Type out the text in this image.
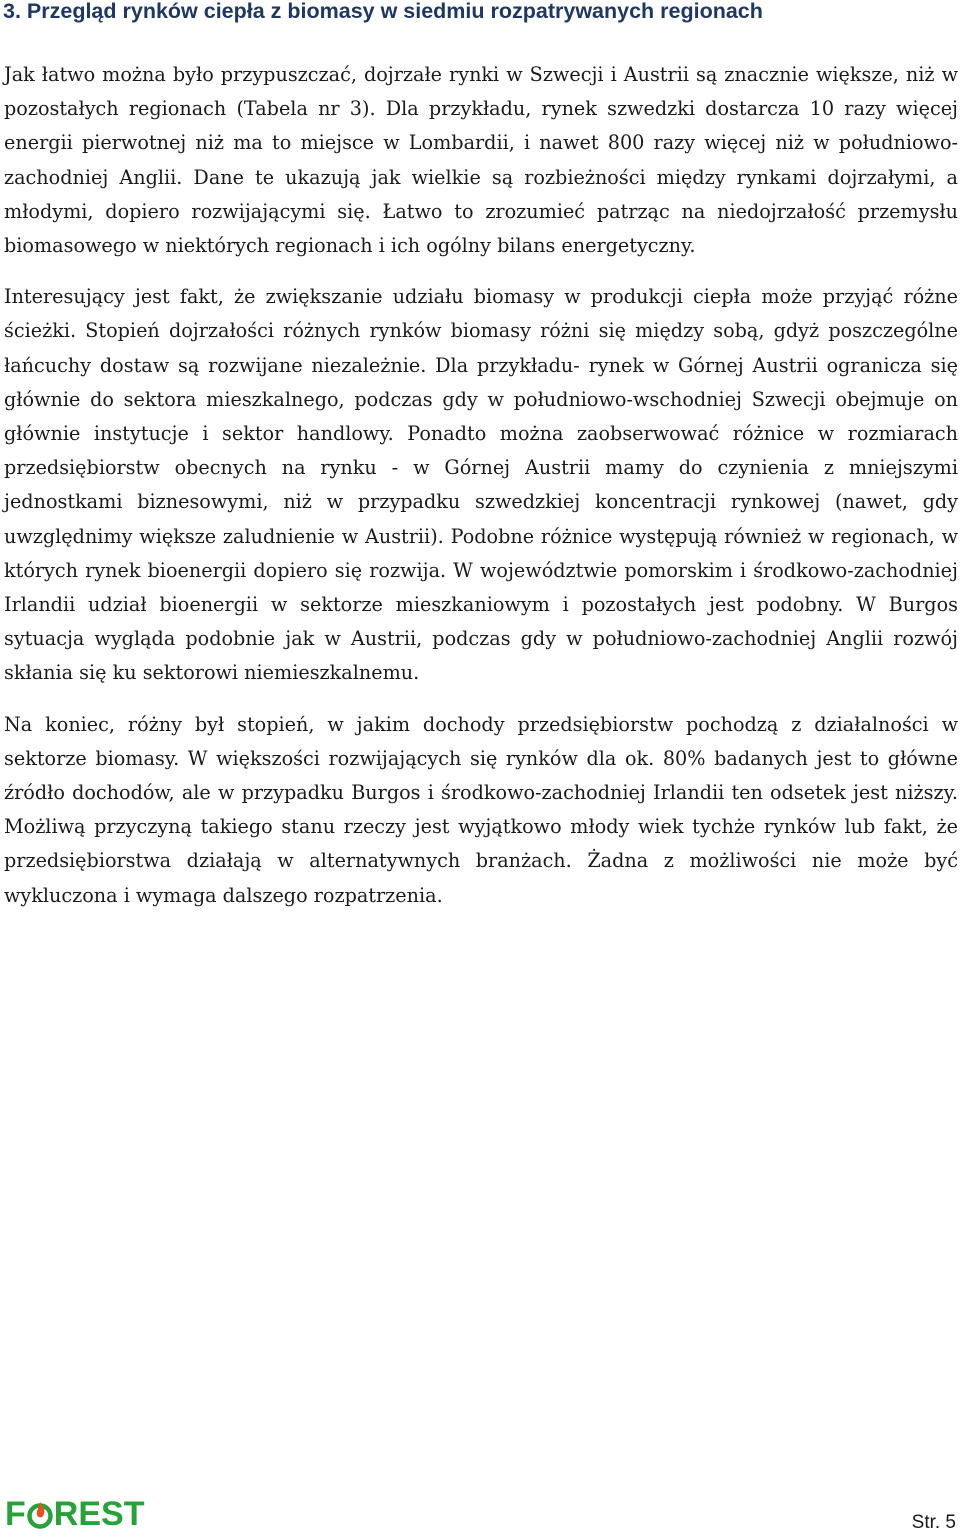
3. Przegląd rynków ciepła z biomasy w siedmiu rozpatrywanych regionach

Jak łatwo można było przypuszczać, dojrzałe rynki w Szwecji i Austrii są znacznie większe, niż w pozostałych regionach (Tabela nr 3). Dla przykładu, rynek szwedzki dostarcza 10 razy więcej energii pierwotnej niż ma to miejsce w Lombardii, i nawet 800 razy więcej niż w południowo-zachodniej Anglii. Dane te ukazują jak wielkie są rozbieżności między rynkami dojrzałymi, a młodymi, dopiero rozwijającymi się. Łatwo to zrozumieć patrząc na niedojrzałość przemysłu biomasowego w niektórych regionach i ich ogólny bilans energetyczny.

Interesujący jest fakt, że zwiększanie udziału biomasy w produkcji ciepła może przyjąć różne ścieżki. Stopień dojrzałości różnych rynków biomasy różni się między sobą, gdyż poszczególne łańcuchy dostaw są rozwijane niezależnie. Dla przykładu- rynek w Górnej Austrii ogranicza się głównie do sektora mieszkalnego, podczas gdy w południowo-wschodniej Szwecji obejmuje on głównie instytucje i sektor handlowy. Ponadto można zaobserwować różnice w rozmiarach przedsiębiorstw obecnych na rynku - w Górnej Austrii mamy do czynienia z mniejszymi jednostkami biznesowymi, niż w przypadku szwedzkiej koncentracji rynkowej (nawet, gdy uwzględnimy większe zaludnienie w Austrii). Podobne różnice występują również w regionach, w których rynek bioenergii dopiero się rozwija. W województwie pomorskim i środkowo-zachodniej Irlandii udział bioenergii w sektorze mieszkaniowym i pozostałych jest podobny. W Burgos sytuacja wygląda podobnie jak w Austrii, podczas gdy w południowo-zachodniej Anglii rozwój skłania się ku sektorowi niemieszkalnemu.

Na koniec, różny był stopień, w jakim dochody przedsiębiorstw pochodzą z działalności w sektorze biomasy. W większości rozwijających się rynków dla ok. 80% badanych jest to główne źródło dochodów, ale w przypadku Burgos i środkowo-zachodniej Irlandii ten odsetek jest niższy. Możliwą przyczyną takiego stanu rzeczy jest wyjątkowo młody wiek tychże rynków lub fakt, że przedsiębiorstwa działają w alternatywnych branżach. Żadna z możliwości nie może być wykluczona i wymaga dalszego rozpatrzenia.

F REST	Str. 5
